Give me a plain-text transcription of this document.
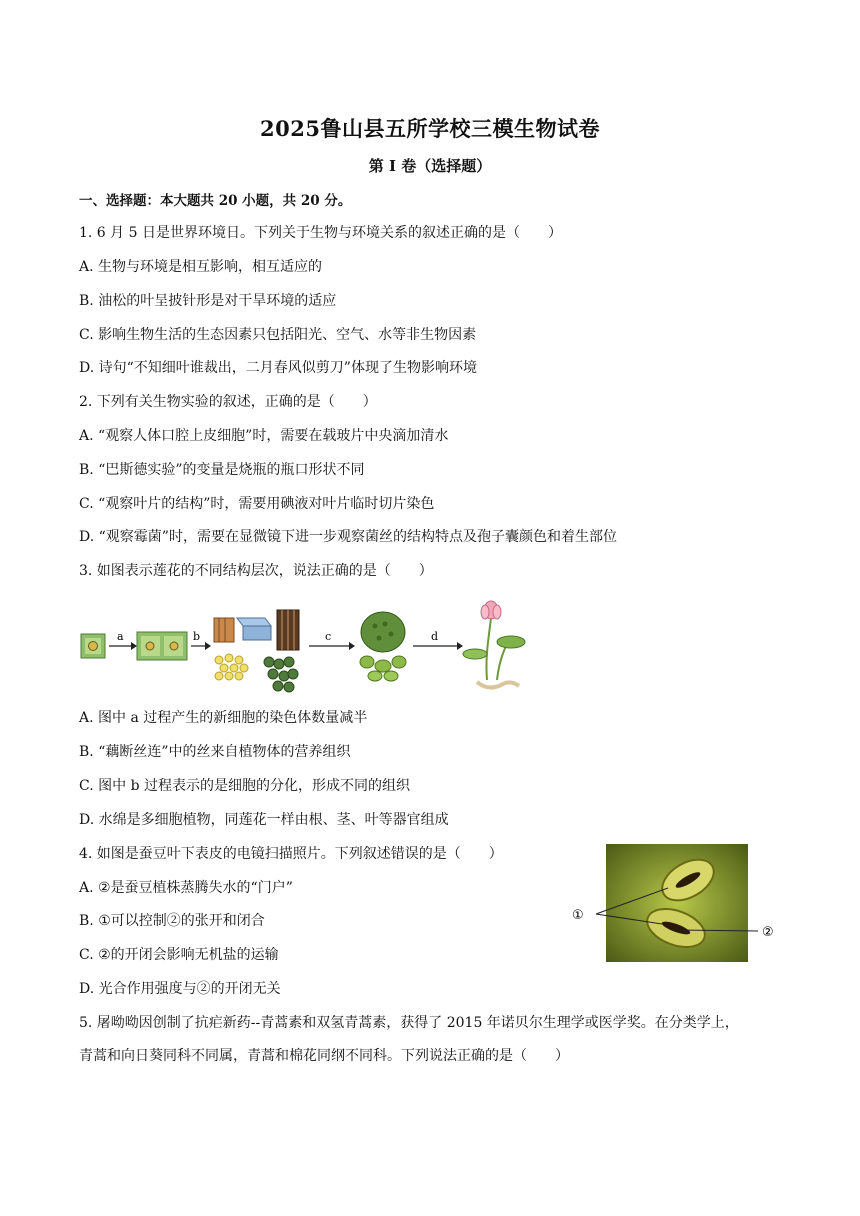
2025鲁山县五所学校三模生物试卷
第 I 卷（选择题）
一、选择题：本大题共 20 小题，共 20 分。
1. 6 月 5 日是世界环境日。下列关于生物与环境关系的叙述正确的是（　　）
A. 生物与环境是相互影响，相互适应的
B. 油松的叶呈披针形是对干旱环境的适应
C. 影响生物生活的生态因素只包括阳光、空气、水等非生物因素
D. 诗句“不知细叶谁裁出，二月春风似剪刀”体现了生物影响环境
2. 下列有关生物实验的叙述，正确的是（　　）
A. “观察人体口腔上皮细胞”时，需要在载玻片中央滴加清水
B. “巴斯德实验”的变量是烧瓶的瓶口形状不同
C. “观察叶片的结构”时，需要用碘液对叶片临时切片染色
D. “观察霉菌”时，需要在显微镜下进一步观察菌丝的结构特点及孢子囊颜色和着生部位
3. 如图表示莲花的不同结构层次，说法正确的是（　　）
a	b	c	d
A. 图中 a 过程产生的新细胞的染色体数量减半
B. “藕断丝连”中的丝来自植物体的营养组织
C. 图中 b 过程表示的是细胞的分化，形成不同的组织
D. 水绵是多细胞植物，同莲花一样由根、茎、叶等器官组成
4. 如图是蚕豆叶下表皮的电镜扫描照片。下列叙述错误的是（　　）
A. ②是蚕豆植株蒸腾失水的“门户”
B. ①可以控制②的张开和闭合
C. ②的开闭会影响无机盐的运输
D. 光合作用强度与②的开闭无关
①
②
5. 屠呦呦因创制了抗疟新药--青蒿素和双氢青蒿素，获得了 2015 年诺贝尔生理学或医学奖。在分类学上，
青蒿和向日葵同科不同属，青蒿和棉花同纲不同科。下列说法正确的是（　　）
